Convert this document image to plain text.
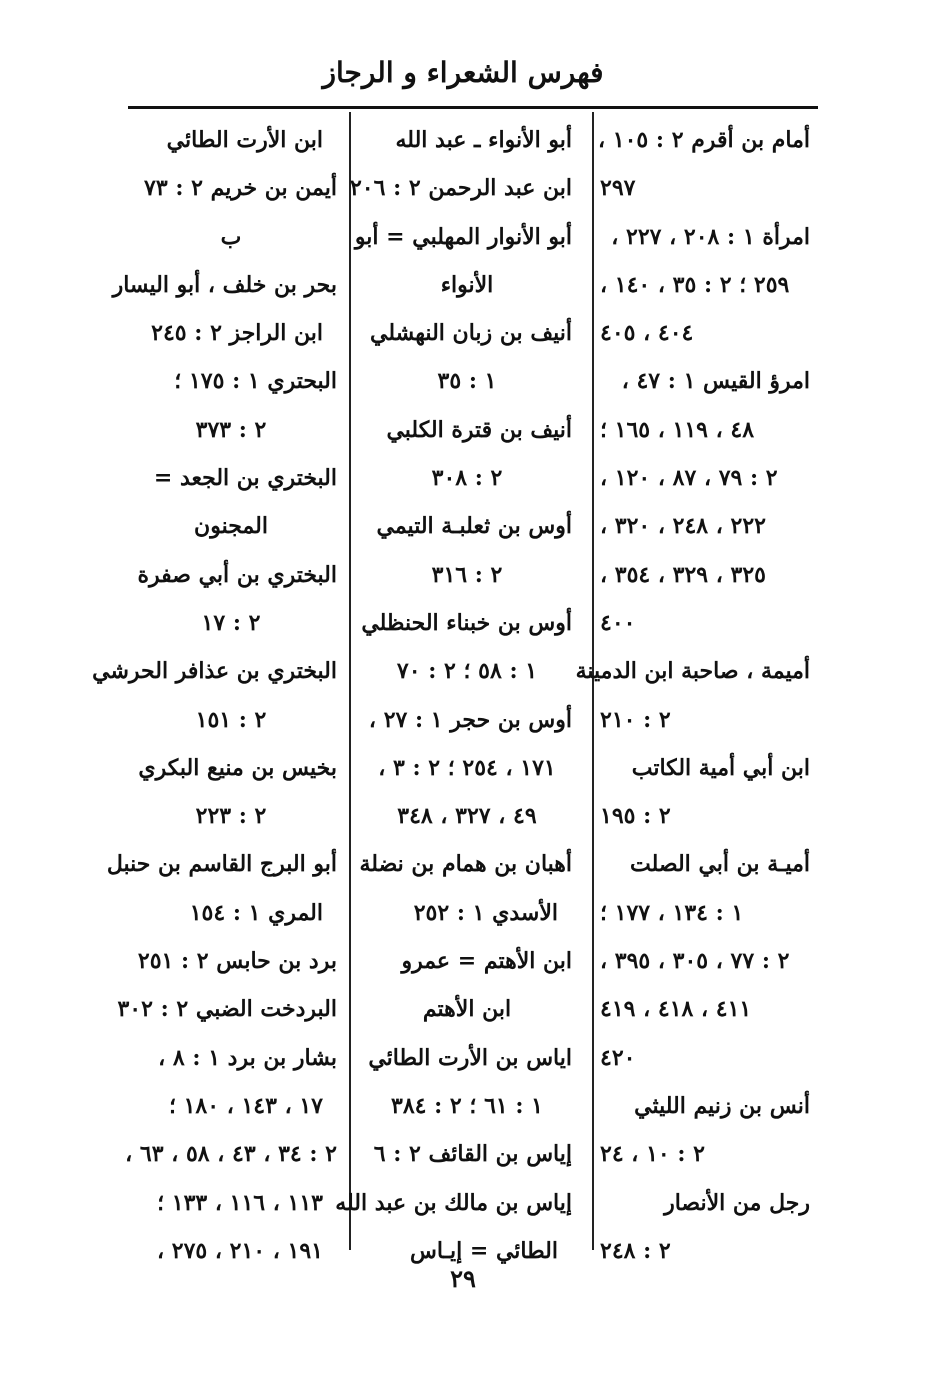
فهرس الشعراء و الرجاز
أمام بن أقرم ٢ : ١٠٥ ،
٢٩٧
امرأة ١ : ٢٠٨ ، ٢٢٧ ،
٢٥٩ ؛ ٢ : ٣٥ ، ١٤٠ ،
٤٠٤ ، ٤٠٥
امرؤ القيس ١ : ٤٧ ،
٤٨ ، ١١٩ ، ١٦٥ ؛
٢ : ٧٩ ، ٨٧ ، ١٢٠ ،
٢٢٢ ، ٢٤٨ ، ٣٢٠ ،
٣٢٥ ، ٣٢٩ ، ٣٥٤ ،
٤٠٠
أميمة ، صاحبة ابن الدمينة
٢ : ٢١٠
ابن أبي أمية الكاتب
٢ : ١٩٥
أميـة بن أبي الصلت
١ : ١٣٤ ، ١٧٧ ؛
٢ : ٧٧ ، ٣٠٥ ، ٣٩٥ ،
٤١١ ، ٤١٨ ، ٤١٩
٤٢٠
أنس بن زنيم الليثي
٢ : ١٠ ، ٢٤
رجل من الأنصار
٢ : ٢٤٨
أبو الأنواء ـ عبد الله
ابن عبد الرحمن ٢ : ٢٠٦
أبو الأنوار المهلبي = أبو
الأنواء
أنيف بن زبان النهشلي
١ : ٣٥
أنيف بن قترة الكلبي
٢ : ٣٠٨
أوس بن ثعلبـة التيمي
٢ : ٣١٦
أوس بن خبناء الحنظلي
١ : ٥٨ ؛ ٢ : ٧٠
أوس بن حجر ١ : ٢٧ ،
١٧١ ، ٢٥٤ ؛ ٢ : ٣ ،
٤٩ ، ٣٢٧ ، ٣٤٨
أهبان بن همام بن نضلة
الأسدي ١ : ٢٥٢
ابن الأهتم = عمرو
ابن الأهتم
اياس بن الأرت الطائي
١ : ٦١ ؛ ٢ : ٣٨٤
إياس بن القائف ٢ : ٦
إياس بن مالك بن عبد الله
الطائي = إيـاس
ابن الأرت الطائي
أيمن بن خريم ٢ : ٧٣
ب
بحر بن خلف ، أبو اليسار
ابن الراجز ٢ : ٢٤٥
البحتري ١ : ١٧٥ ؛
٢ : ٣٧٣
البختري بن الجعد =
المجنون
البختري بن أبي صفرة
٢ : ١٧
البختري بن عذافر الحرشي
٢ : ١٥١
بخيس بن منيع البكري
٢ : ٢٢٣
أبو البرج القاسم بن حنبل
المري ١ : ١٥٤
برد بن حابس ٢ : ٢٥١
البردخت الضبي ٢ : ٣٠٢
بشار بن برد ١ : ٨ ،
١٧ ، ١٤٣ ، ١٨٠ ؛
٢ : ٣٤ ، ٤٣ ، ٥٨ ، ٦٣ ،
١١٣ ، ١١٦ ، ١٣٣ ؛
١٩١ ، ٢١٠ ، ٢٧٥ ،
٢٩
